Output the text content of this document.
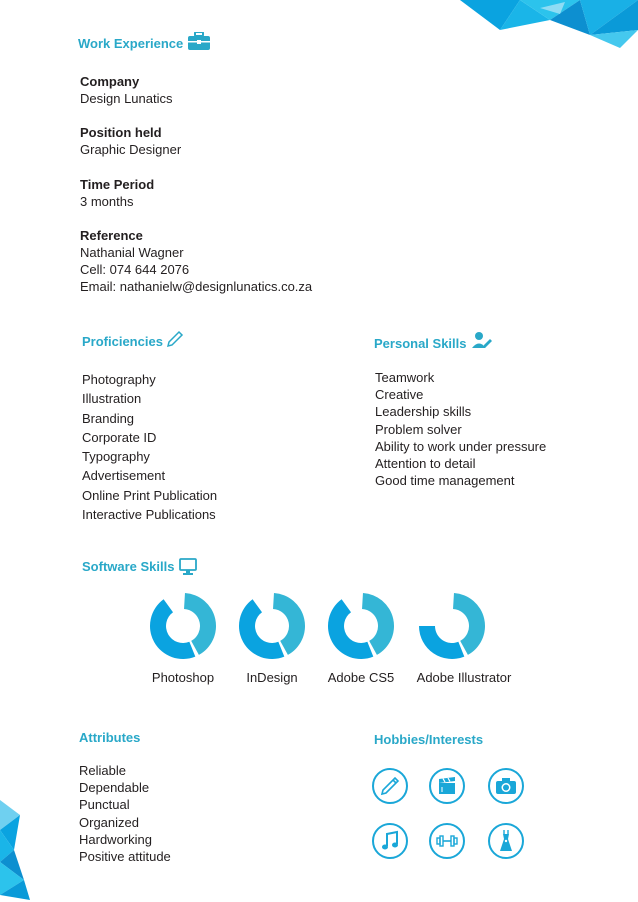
Work Experience
Company
Design Lunatics
Position held
Graphic Designer
Time Period
3 months
Reference
Nathanial Wagner
Cell: 074 644 2076
Email: nathanielw@designlunatics.co.za
Proficiencies
Photography
Illustration
Branding
Corporate ID
Typography
Advertisement
Online Print Publication
Interactive Publications
Personal Skills
Teamwork
Creative
Leadership skills
Problem solver
Ability to work under pressure
Attention to detail
Good time management
Software Skills
Photoshop	InDesign	Adobe CS5	Adobe Illustrator
Attributes
Reliable
Dependable
Punctual
Organized
Hardworking
Positive attitude
Hobbies/Interests
